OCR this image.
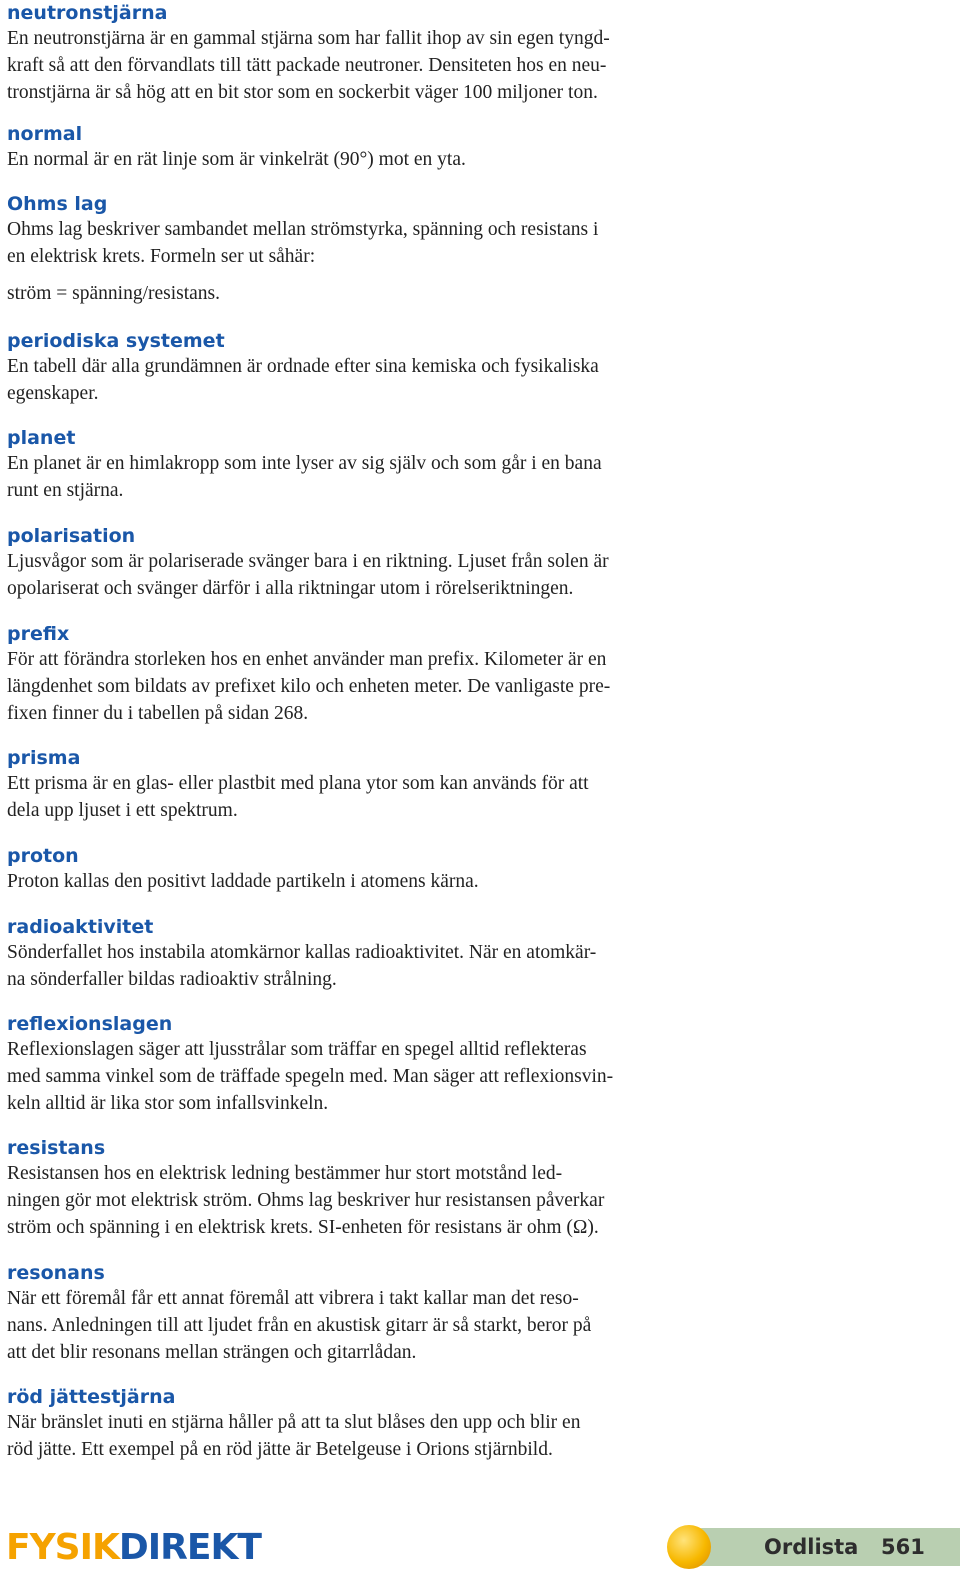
neutronstjärna
En neutronstjärna är en gammal stjärna som har fallit ihop av sin egen tyngd-
kraft så att den förvandlats till tätt packade neutroner. Densiteten hos en neu-
tronstjärna är så hög att en bit stor som en sockerbit väger 100 miljoner ton.
normal
En normal är en rät linje som är vinkelrät (90°) mot en yta.
Ohms lag
Ohms lag beskriver sambandet mellan strömstyrka, spänning och resistans i
en elektrisk krets. Formeln ser ut såhär:
ström = spänning/resistans.
periodiska systemet
En tabell där alla grundämnen är ordnade efter sina kemiska och fysikaliska
egenskaper.
planet
En planet är en himlakropp som inte lyser av sig själv och som går i en bana
runt en stjärna.
polarisation
Ljusvågor som är polariserade svänger bara i en riktning. Ljuset från solen är
opolariserat och svänger därför i alla riktningar utom i rörelseriktningen.
prefix
För att förändra storleken hos en enhet använder man prefix. Kilometer är en
längdenhet som bildats av prefixet kilo och enheten meter. De vanligaste pre-
fixen finner du i tabellen på sidan 268.
prisma
Ett prisma är en glas- eller plastbit med plana ytor som kan används för att
dela upp ljuset i ett spektrum.
proton
Proton kallas den positivt laddade partikeln i atomens kärna.
radioaktivitet
Sönderfallet hos instabila atomkärnor kallas radioaktivitet. När en atomkär-
na sönderfaller bildas radioaktiv strålning.
reflexionslagen
Reflexionslagen säger att ljusstrålar som träffar en spegel alltid reflekteras
med samma vinkel som de träffade spegeln med. Man säger att reflexionsvin-
keln alltid är lika stor som infallsvinkeln.
resistans
Resistansen hos en elektrisk ledning bestämmer hur stort motstånd led-
ningen gör mot elektrisk ström. Ohms lag beskriver hur resistansen påverkar
ström och spänning i en elektrisk krets. SI-enheten för resistans är ohm (Ω).
resonans
När ett föremål får ett annat föremål att vibrera i takt kallar man det reso-
nans. Anledningen till att ljudet från en akustisk gitarr är så starkt, beror på
att det blir resonans mellan strängen och gitarrlådan.
röd jättestjärna
När bränslet inuti en stjärna håller på att ta slut blåses den upp och blir en
röd jätte. Ett exempel på en röd jätte är Betelgeuse i Orions stjärnbild.
FYSIKDIREKT	Ordlista 561
